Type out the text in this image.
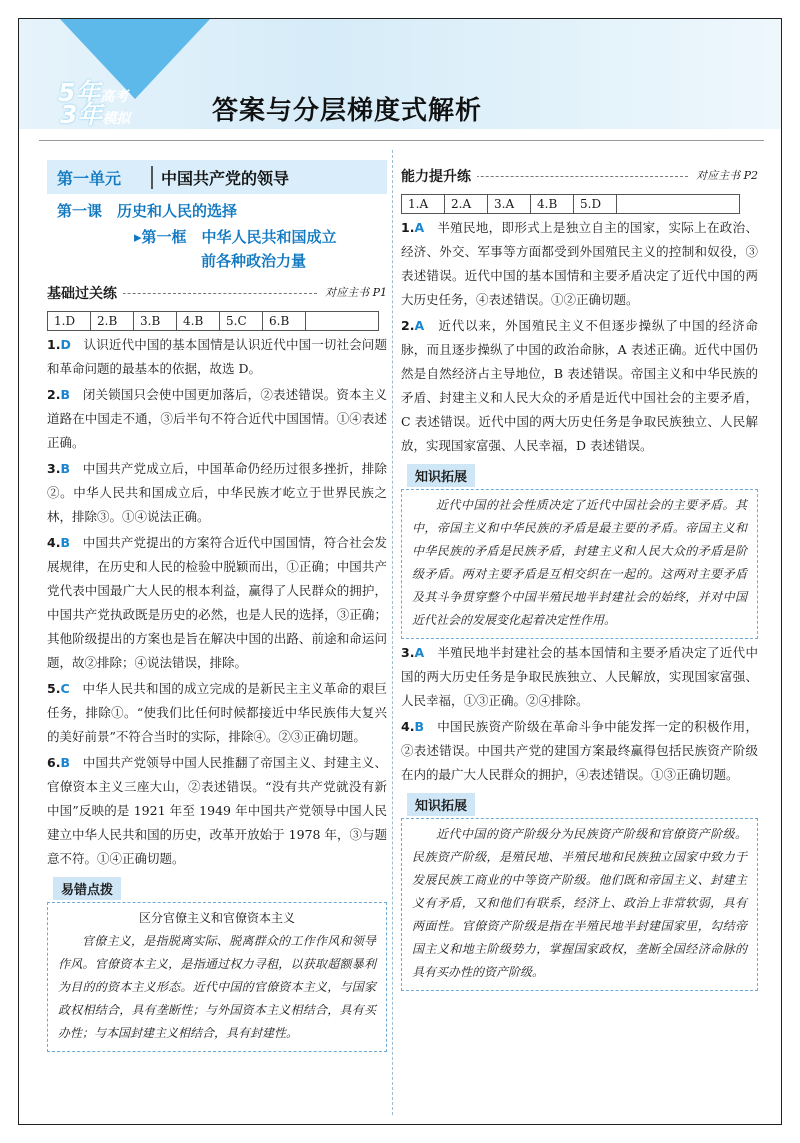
5年高考
3年模拟	答案与分层梯度式解析
第一单元	中国共产党的领导
第一课　历史和人民的选择
▸第一框　中华人民共和国成立
前各种政治力量
基础过关练	对应主书 P1
1.D	2.B	3.B	4.B	5.C	6.B	
1.D　 认识近代中国的基本国情是认识近代中国一切社会问题和革命问题的最基本的依据，故选 D。
2.B　 闭关锁国只会使中国更加落后，②表述错误。资本主义道路在中国走不通，③后半句不符合近代中国国情。①④表述正确。
3.B　 中国共产党成立后，中国革命仍经历过很多挫折，排除②。中华人民共和国成立后，中华民族才屹立于世界民族之林，排除③。①④说法正确。
4.B　 中国共产党提出的方案符合近代中国国情，符合社会发展规律，在历史和人民的检验中脱颖而出，①正确；中国共产党代表中国最广大人民的根本利益，赢得了人民群众的拥护，中国共产党执政既是历史的必然，也是人民的选择，③正确；其他阶级提出的方案也是旨在解决中国的出路、前途和命运问题，故②排除；④说法错误，排除。
5.C　 中华人民共和国的成立完成的是新民主主义革命的艰巨任务，排除①。“使我们比任何时候都接近中华民族伟大复兴的美好前景”不符合当时的实际，排除④。②③正确切题。
6.B　 中国共产党领导中国人民推翻了帝国主义、封建主义、官僚资本主义三座大山，②表述错误。“没有共产党就没有新中国”反映的是 1921 年至 1949 年中国共产党领导中国人民建立中华人民共和国的历史，改革开放始于 1978 年，③与题意不符。①④正确切题。
易错点拨
区分官僚主义和官僚资本主义

官僚主义，是指脱离实际、脱离群众的工作作风和领导作风。官僚资本主义，是指通过权力寻租，以获取超额暴利为目的的资本主义形态。近代中国的官僚资本主义，与国家政权相结合，具有垄断性；与外国资本主义相结合，具有买办性；与本国封建主义相结合，具有封建性。

能力提升练	对应主书 P2
1.A	2.A	3.A	4.B	5.D	
1.A　 半殖民地，即形式上是独立自主的国家，实际上在政治、经济、外交、军事等方面都受到外国殖民主义的控制和奴役，③表述错误。近代中国的基本国情和主要矛盾决定了近代中国的两大历史任务，④表述错误。①②正确切题。
2.A　 近代以来，外国殖民主义不但逐步操纵了中国的经济命脉，而且逐步操纵了中国的政治命脉，A 表述正确。近代中国仍然是自然经济占主导地位，B 表述错误。帝国主义和中华民族的矛盾、封建主义和人民大众的矛盾是近代中国社会的主要矛盾，C 表述错误。近代中国的两大历史任务是争取民族独立、人民解放，实现国家富强、人民幸福，D 表述错误。
知识拓展

近代中国的社会性质决定了近代中国社会的主要矛盾。其中，帝国主义和中华民族的矛盾是最主要的矛盾。帝国主义和中华民族的矛盾是民族矛盾，封建主义和人民大众的矛盾是阶级矛盾。两对主要矛盾是互相交织在一起的。这两对主要矛盾及其斗争贯穿整个中国半殖民地半封建社会的始终，并对中国近代社会的发展变化起着决定性作用。

3.A　 半殖民地半封建社会的基本国情和主要矛盾决定了近代中国的两大历史任务是争取民族独立、人民解放，实现国家富强、人民幸福，①③正确。②④排除。
4.B　 中国民族资产阶级在革命斗争中能发挥一定的积极作用，②表述错误。中国共产党的建国方案最终赢得包括民族资产阶级在内的最广大人民群众的拥护，④表述错误。①③正确切题。
知识拓展

近代中国的资产阶级分为民族资产阶级和官僚资产阶级。民族资产阶级，是殖民地、半殖民地和民族独立国家中致力于发展民族工商业的中等资产阶级。他们既和帝国主义、封建主义有矛盾，又和他们有联系，经济上、政治上非常软弱，具有两面性。官僚资产阶级是指在半殖民地半封建国家里，勾结帝国主义和地主阶级势力，掌握国家政权，垄断全国经济命脉的具有买办性的资产阶级。
